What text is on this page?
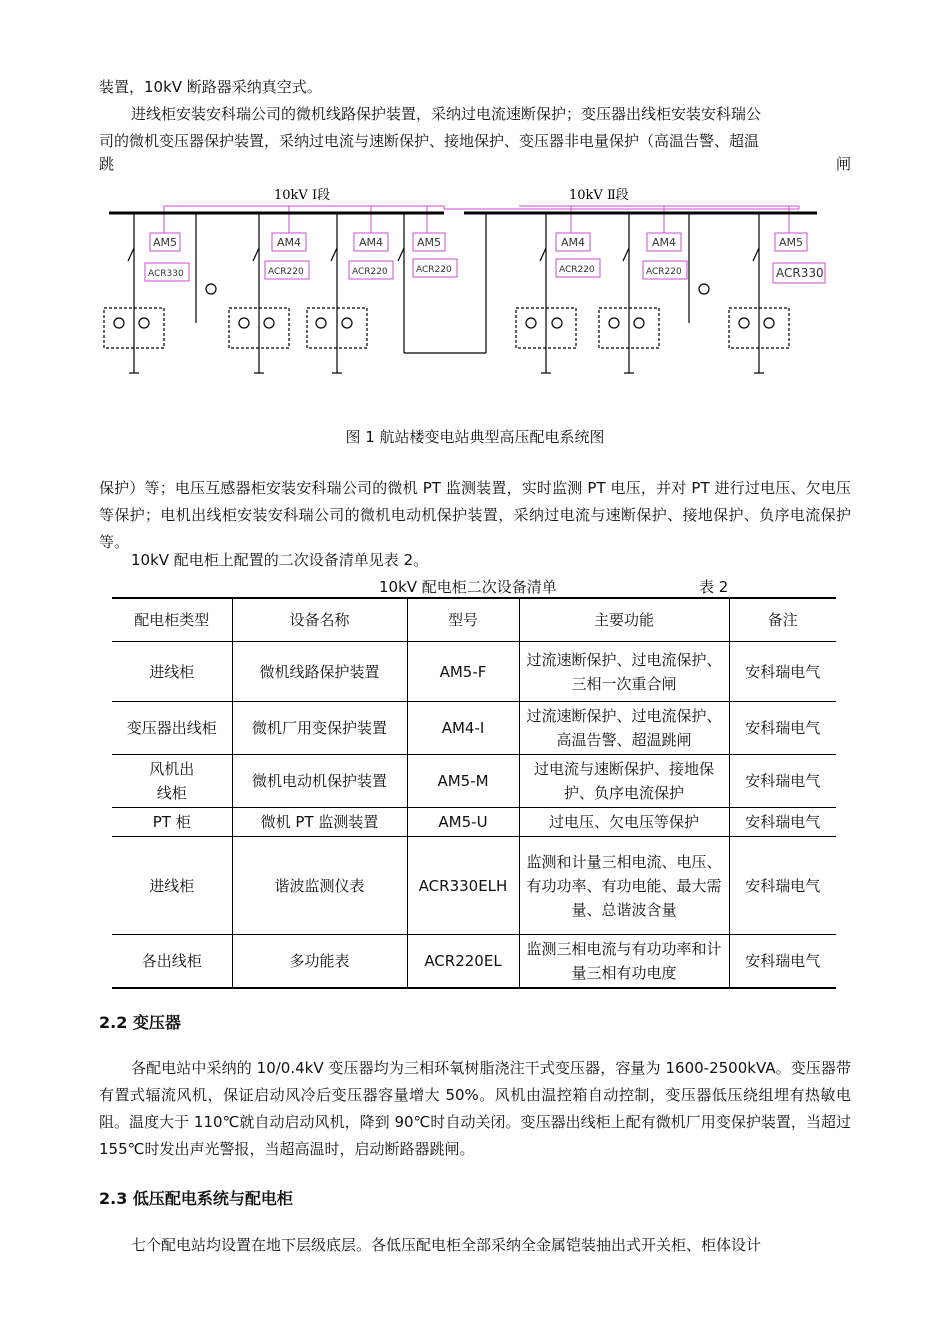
装置，10kV 断路器采纳真空式。

进线柜安装安科瑞公司的微机线路保护装置，采纳过电流速断保护；变压器出线柜安装安科瑞公

司的微机变压器保护装置，采纳过电流与速断保护、接地保护、变压器非电量保护（高温告警、超温

跳	闸
10kV Ⅰ段	10kV Ⅱ段
AM5
ACR330
AM4
ACR220
AM4
ACR220
AM5
ACR220
AM4
ACR220
AM4
ACR220
AM5
ACR330
图 1 航站楼变电站典型高压配电系统图

保护）等；电压互感器柜安装安科瑞公司的微机 PT 监测装置，实时监测 PT 电压，并对 PT 进行过电压、欠电压等保护；电机出线柜安装安科瑞公司的微机电动机保护装置，采纳过电流与速断保护、接地保护、负序电流保护等。

10kV 配电柜上配置的二次设备清单见表 2。

10kV 配电柜二次设备清单	表 2
配电柜类型	设备名称	型号	主要功能	备注
进线柜	微机线路保护装置	AM5-F	过流速断保护、过电流保护、三相一次重合闸	安科瑞电气
变压器出线柜	微机厂用变保护装置	AM4-I	过流速断保护、过电流保护、高温告警、超温跳闸	安科瑞电气
风机出线柜	微机电动机保护装置	AM5-M	过电流与速断保护、接地保护、负序电流保护	安科瑞电气
PT 柜	微机 PT 监测装置	AM5-U	过电压、欠电压等保护	安科瑞电气
进线柜	谐波监测仪表	ACR330ELH	监测和计量三相电流、电压、有功功率、有功电能、最大需量、总谐波含量	安科瑞电气
各出线柜	多功能表	ACR220EL	监测三相电流与有功功率和计量三相有功电度	安科瑞电气
2.2 变压器

各配电站中采纳的 10/0.4kV 变压器均为三相环氧树脂浇注干式变压器，容量为 1600-2500kVA。变压器带有置式辐流风机，保证启动风冷后变压器容量增大 50%。风机由温控箱自动控制，变压器低压绕组埋有热敏电阻。温度大于 110℃就自动启动风机，降到 90℃时自动关闭。变压器出线柜上配有微机厂用变保护装置，当超过 155℃时发出声光警报，当超高温时，启动断路器跳闸。

2.3 低压配电系统与配电柜

七个配电站均设置在地下层级底层。各低压配电柜全部采纳全金属铠装抽出式开关柜、柜体设计
